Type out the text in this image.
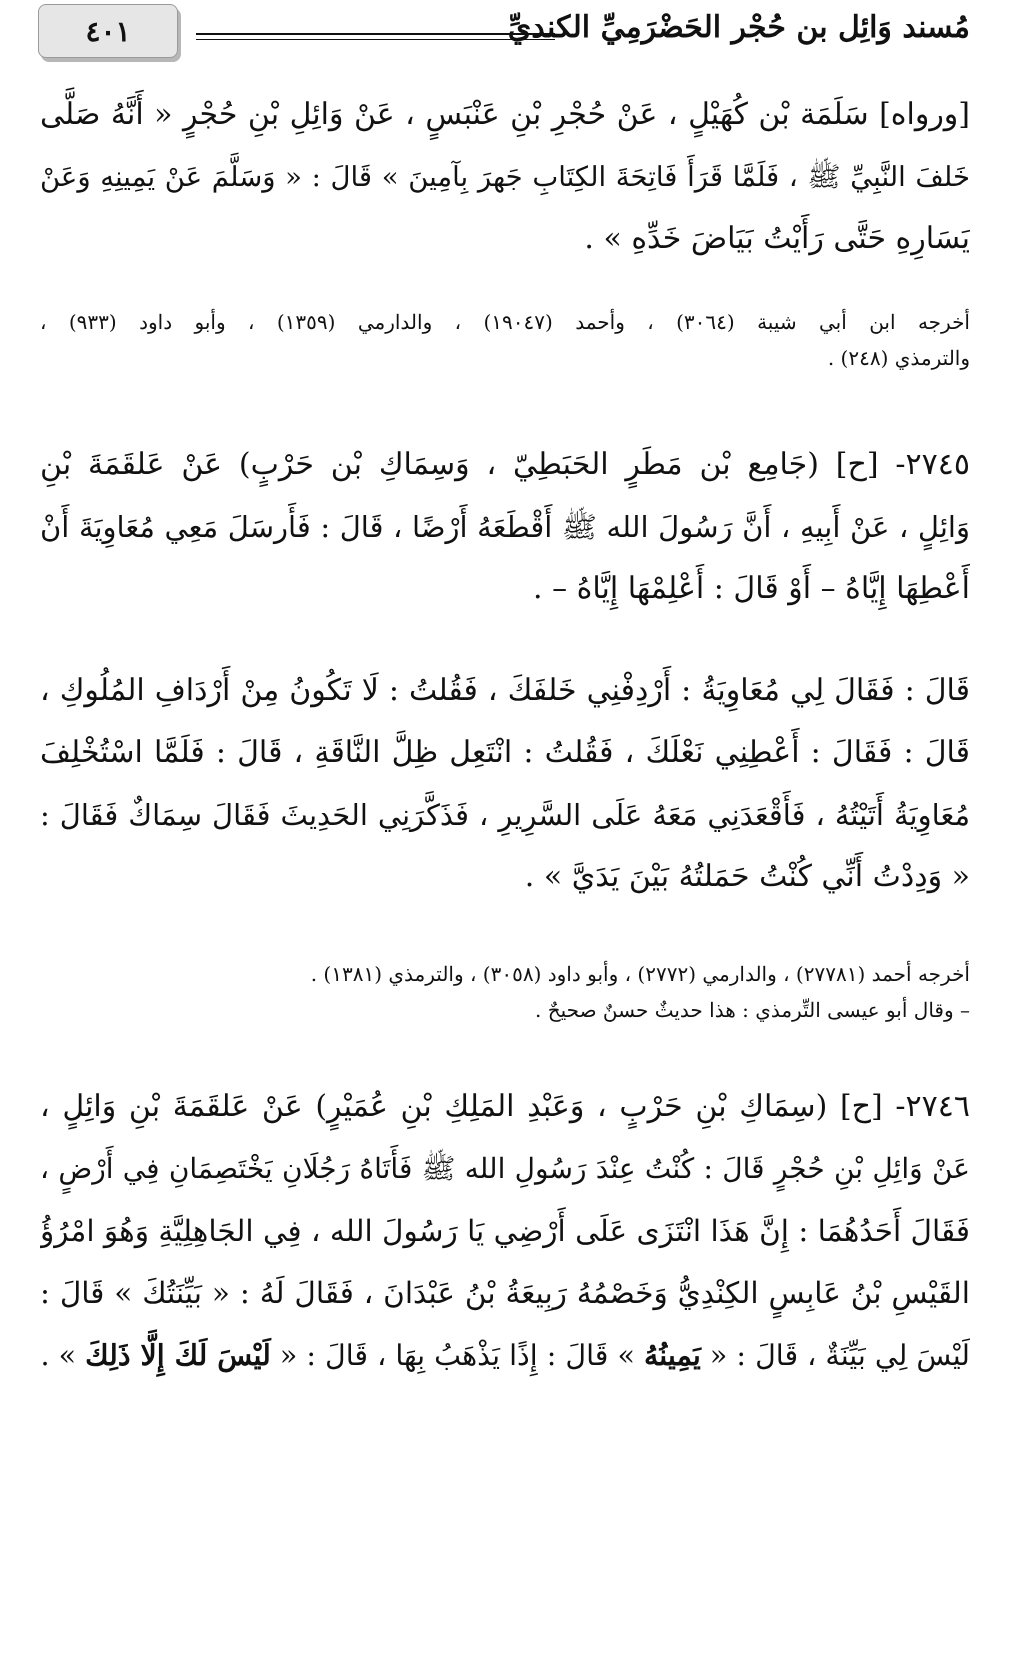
مُسند وَائِل بن حُجْر الحَضْرَمِيِّ الكنديِّ
٤٠١
[ورواه] سَلَمَة بْن كُهَيْلٍ ، عَنْ حُجْرِ بْنِ عَنْبَسٍ ، عَنْ وَائِلِ بْنِ حُجْرٍ « أَنَّهُ صَلَّى
خَلفَ النَّبِيِّ ﷺ ، فَلَمَّا قَرَأَ فَاتِحَةَ الكِتَابِ جَهرَ بِآمِينَ » قَالَ : « وَسَلَّمَ عَنْ يَمِينِهِ وَعَنْ
يَسَارِهِ حَتَّى رَأَيْتُ بَيَاضَ خَدِّهِ » .
أخرجه ابن أبي شيبة (٣٠٦٤) ، وأحمد (١٩٠٤٧) ، والدارمي (١٣٥٩) ، وأبو داود (٩٣٣) ،
والترمذي (٢٤٨) .
٢٧٤٥- [ح] (جَامِع بْن مَطَرٍ الحَبَطِيّ ، وَسِمَاكِ بْن حَرْبٍ) عَنْ عَلقَمَةَ بْنِ
وَائِلٍ ، عَنْ أَبِيهِ ، أَنَّ رَسُولَ الله ﷺ أَقْطَعَهُ أَرْضًا ، قَالَ : فَأَرسَلَ مَعِي مُعَاوِيَةَ أَنْ
أَعْطِهَا إِيَّاهُ – أَوْ قَالَ : أَعْلِمْهَا إِيَّاهُ – .
قَالَ : فَقَالَ لِي مُعَاوِيَةُ : أَرْدِفْنِي خَلفَكَ ، فَقُلتُ : لَا تَكُونُ مِنْ أَرْدَافِ المُلُوكِ ،
قَالَ : فَقَالَ : أَعْطِنِي نَعْلَكَ ، فَقُلتُ : انْتَعِل ظِلَّ النَّاقَةِ ، قَالَ : فَلَمَّا اسْتُخْلِفَ
مُعَاوِيَةُ أَتَيْتُهُ ، فَأَقْعَدَنِي مَعَهُ عَلَى السَّرِيرِ ، فَذَكَّرَنِي الحَدِيثَ فَقَالَ سِمَاكٌ فَقَالَ :
« وَدِدْتُ أَنِّي كُنْتُ حَمَلتُهُ بَيْنَ يَدَيَّ » .
أخرجه أحمد (٢٧٧٨١) ، والدارمي (٢٧٧٢) ، وأبو داود (٣٠٥٨) ، والترمذي (١٣٨١) .
– وقال أبو عيسى التِّرمذي : هذا حديثٌ حسنٌ صحيحٌ .
٢٧٤٦- [ح] (سِمَاكِ بْنِ حَرْبٍ ، وَعَبْدِ المَلِكِ بْنِ عُمَيْرٍ) عَنْ عَلقَمَةَ بْنِ وَائِلٍ ،
عَنْ وَائِلِ بْنِ حُجْرٍ قَالَ : كُنْتُ عِنْدَ رَسُولِ الله ﷺ فَأَتَاهُ رَجُلَانِ يَخْتَصِمَانِ فِي أَرْضٍ ،
فَقَالَ أَحَدُهُمَا : إِنَّ هَذَا انْتَزَى عَلَى أَرْضِي يَا رَسُولَ الله ، فِي الجَاهِلِيَّةِ وَهُوَ امْرُؤُ
القَيْسِ بْنُ عَابِسٍ الكِنْدِيُّ وَخَصْمُهُ رَبِيعَةُ بْنُ عَبْدَانَ ، فَقَالَ لَهُ : « بَيِّنَتُكَ » قَالَ :
لَيْسَ لِي بَيِّنَةٌ ، قَالَ : « يَمِينُهُ » قَالَ : إِذًا يَذْهَبُ بِهَا ، قَالَ : « لَيْسَ لَكَ إِلَّا ذَلِكَ » .
